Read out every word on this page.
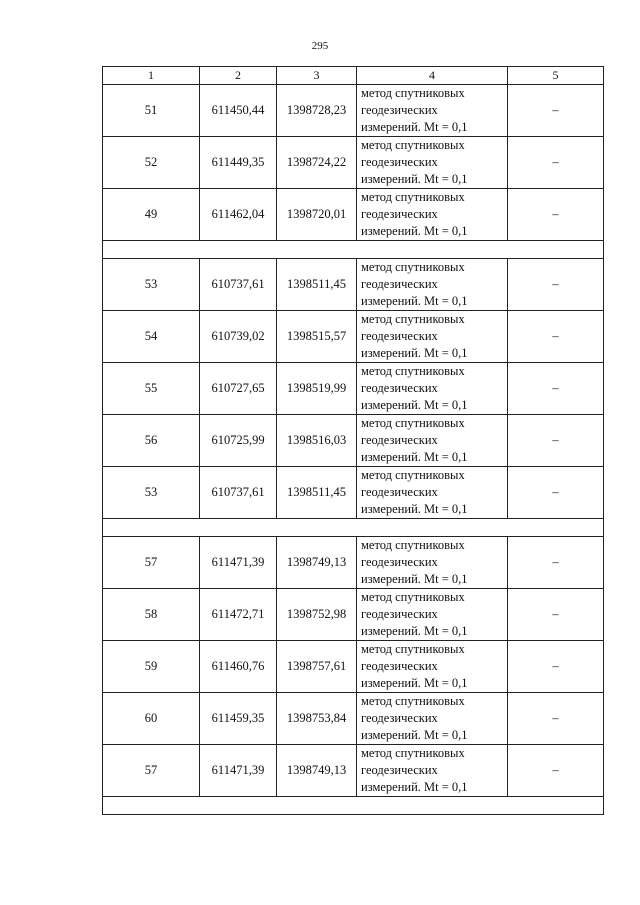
295
1	2	3	4	5
51	611450,44	1398728,23	метод спутниковых
геодезических
измерений. Mt = 0,1	–
52	611449,35	1398724,22	метод спутниковых
геодезических
измерений. Mt = 0,1	–
49	611462,04	1398720,01	метод спутниковых
геодезических
измерений. Mt = 0,1	–

53	610737,61	1398511,45	метод спутниковых
геодезических
измерений. Mt = 0,1	–
54	610739,02	1398515,57	метод спутниковых
геодезических
измерений. Mt = 0,1	–
55	610727,65	1398519,99	метод спутниковых
геодезических
измерений. Mt = 0,1	–
56	610725,99	1398516,03	метод спутниковых
геодезических
измерений. Mt = 0,1	–
53	610737,61	1398511,45	метод спутниковых
геодезических
измерений. Mt = 0,1	–

57	611471,39	1398749,13	метод спутниковых
геодезических
измерений. Mt = 0,1	–
58	611472,71	1398752,98	метод спутниковых
геодезических
измерений. Mt = 0,1	–
59	611460,76	1398757,61	метод спутниковых
геодезических
измерений. Mt = 0,1	–
60	611459,35	1398753,84	метод спутниковых
геодезических
измерений. Mt = 0,1	–
57	611471,39	1398749,13	метод спутниковых
геодезических
измерений. Mt = 0,1	–
